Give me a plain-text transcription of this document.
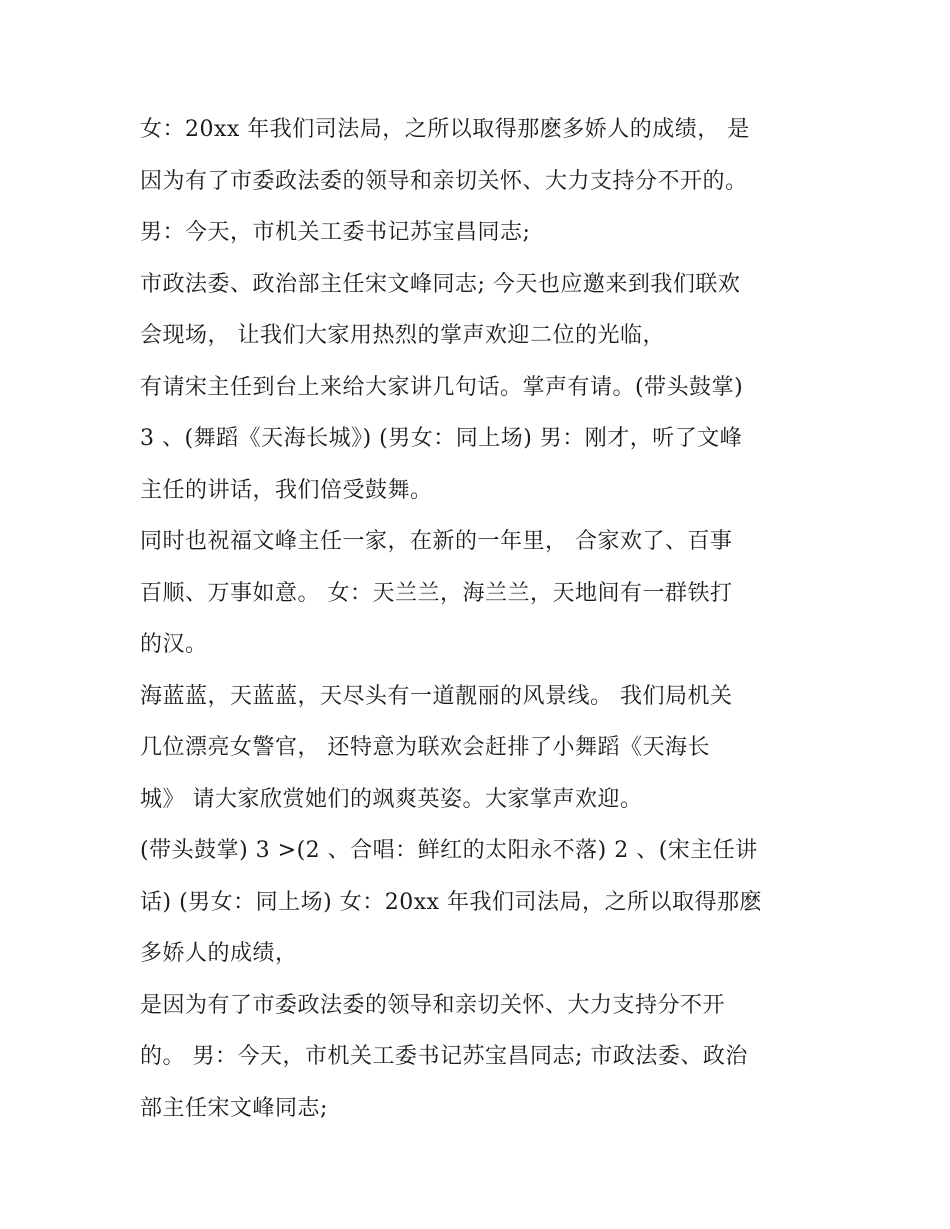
女：20xx 年我们司法局，之所以取得那麽多娇人的成绩， 是
因为有了市委政法委的领导和亲切关怀、大力支持分不开的。
男：今天，市机关工委书记苏宝昌同志;
市政法委、政治部主任宋文峰同志; 今天也应邀来到我们联欢
会现场， 让我们大家用热烈的掌声欢迎二位的光临，
有请宋主任到台上来给大家讲几句话。掌声有请。(带头鼓掌)
3 、(舞蹈《天海长城》) (男女：同上场) 男：刚才，听了文峰
主任的讲话，我们倍受鼓舞。
同时也祝福文峰主任一家，在新的一年里， 合家欢了、百事
百顺、万事如意。 女：天兰兰，海兰兰，天地间有一群铁打
的汉。
海蓝蓝，天蓝蓝，天尽头有一道靓丽的风景线。 我们局机关
几位漂亮女警官， 还特意为联欢会赶排了小舞蹈《天海长
城》 请大家欣赏她们的飒爽英姿。大家掌声欢迎。
(带头鼓掌) 3 >(2 、合唱：鲜红的太阳永不落) 2 、(宋主任讲
话) (男女：同上场) 女：20xx 年我们司法局，之所以取得那麽
多娇人的成绩，
是因为有了市委政法委的领导和亲切关怀、大力支持分不开
的。 男：今天，市机关工委书记苏宝昌同志; 市政法委、政治
部主任宋文峰同志;
